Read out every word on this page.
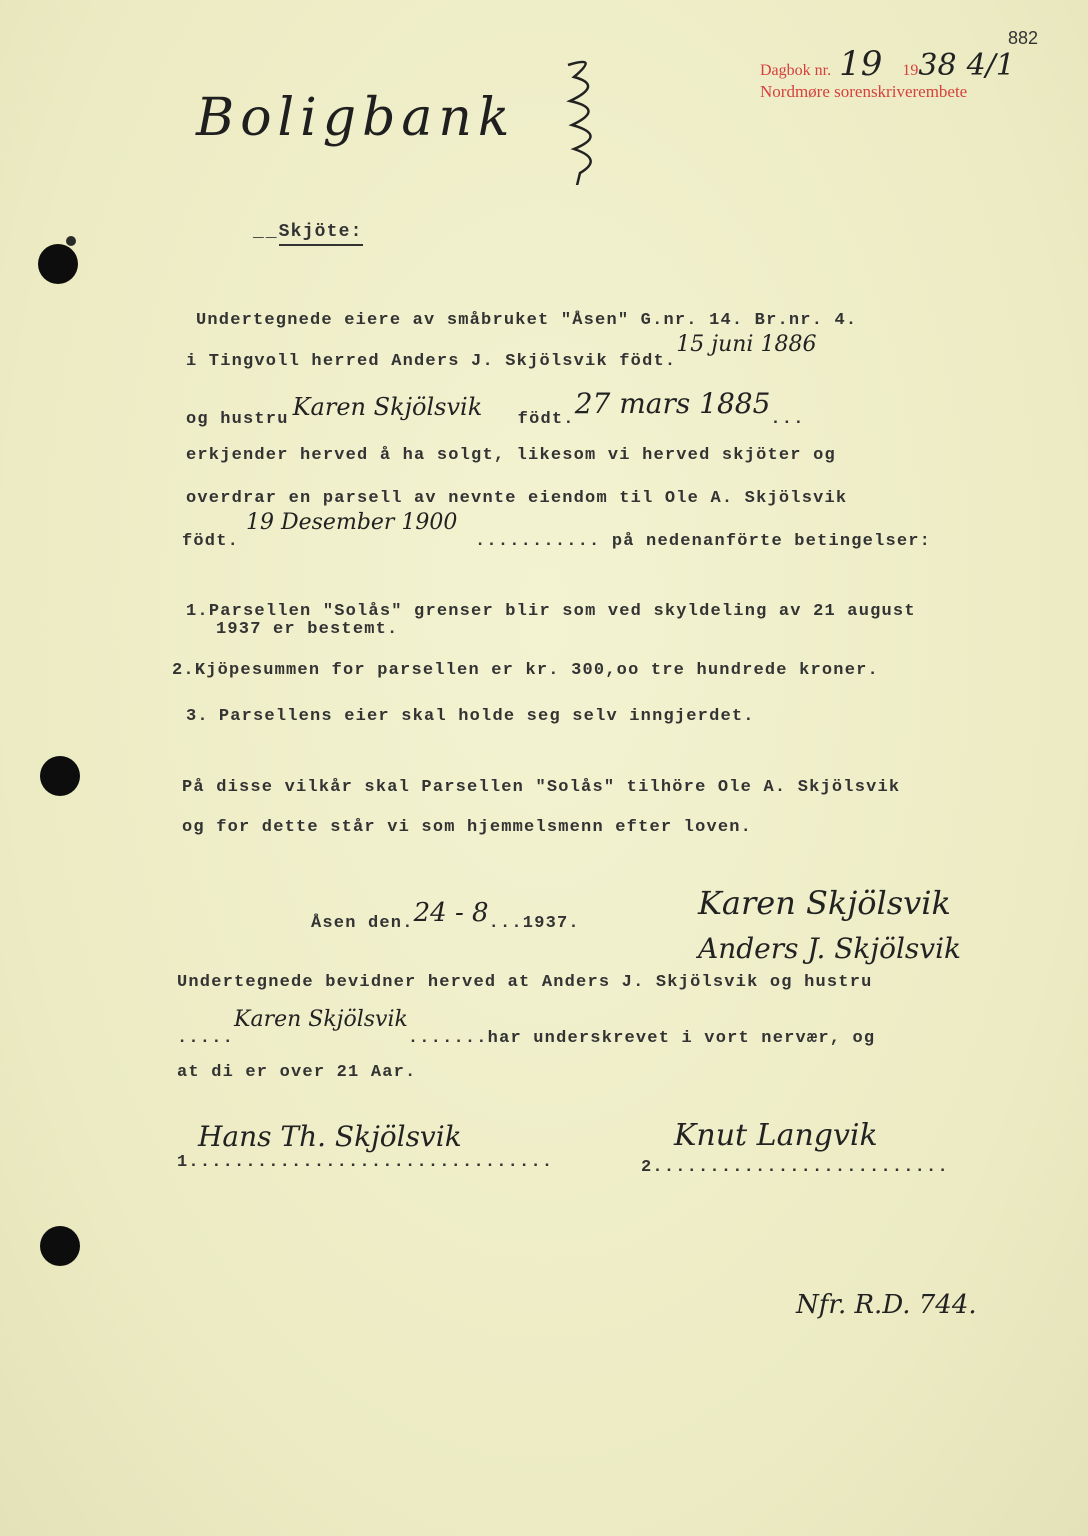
882
Dagbok nr. 19 1938 4/1
Nordmøre sorenskriverembete
Boligbank
__Skjöte:
Undertegnede eiere av småbruket "Åsen" G.nr. 14. Br.nr. 4.
i Tingvoll herred Anders J. Skjölsvik födt.15 juni 1886
og hustru Karen Skjölsvik födt.27 mars 1885...
erkjender herved å ha solgt, likesom vi herved skjöter og
overdrar en parsell av nevnte eiendom til Ole A. Skjölsvik
födt.
19 Desember 1900
........... på nedenanförte betingelser:
1.Parsellen "Solås" grenser blir som ved skyldeling av 21 august
1937 er bestemt.
2.Kjöpesummen for parsellen er kr. 300,oo tre hundrede kroner.
3. Parsellens eier skal holde seg selv inngjerdet.
På disse vilkår skal Parsellen "Solås" tilhöre Ole A. Skjölsvik
og for dette står vi som hjemmelsmenn efter loven.
Åsen den.24 - 8...1937.
Karen Skjölsvik
Anders J. Skjölsvik
Undertegnede bevidner herved at Anders J. Skjölsvik og hustru
.....Karen Skjölsvik.......har underskrevet i vort nervær, og
at di er over 21 Aar.
1................................
Hans Th. Skjölsvik
2..........................
Knut Langvik
Nfr. R.D. 744.
